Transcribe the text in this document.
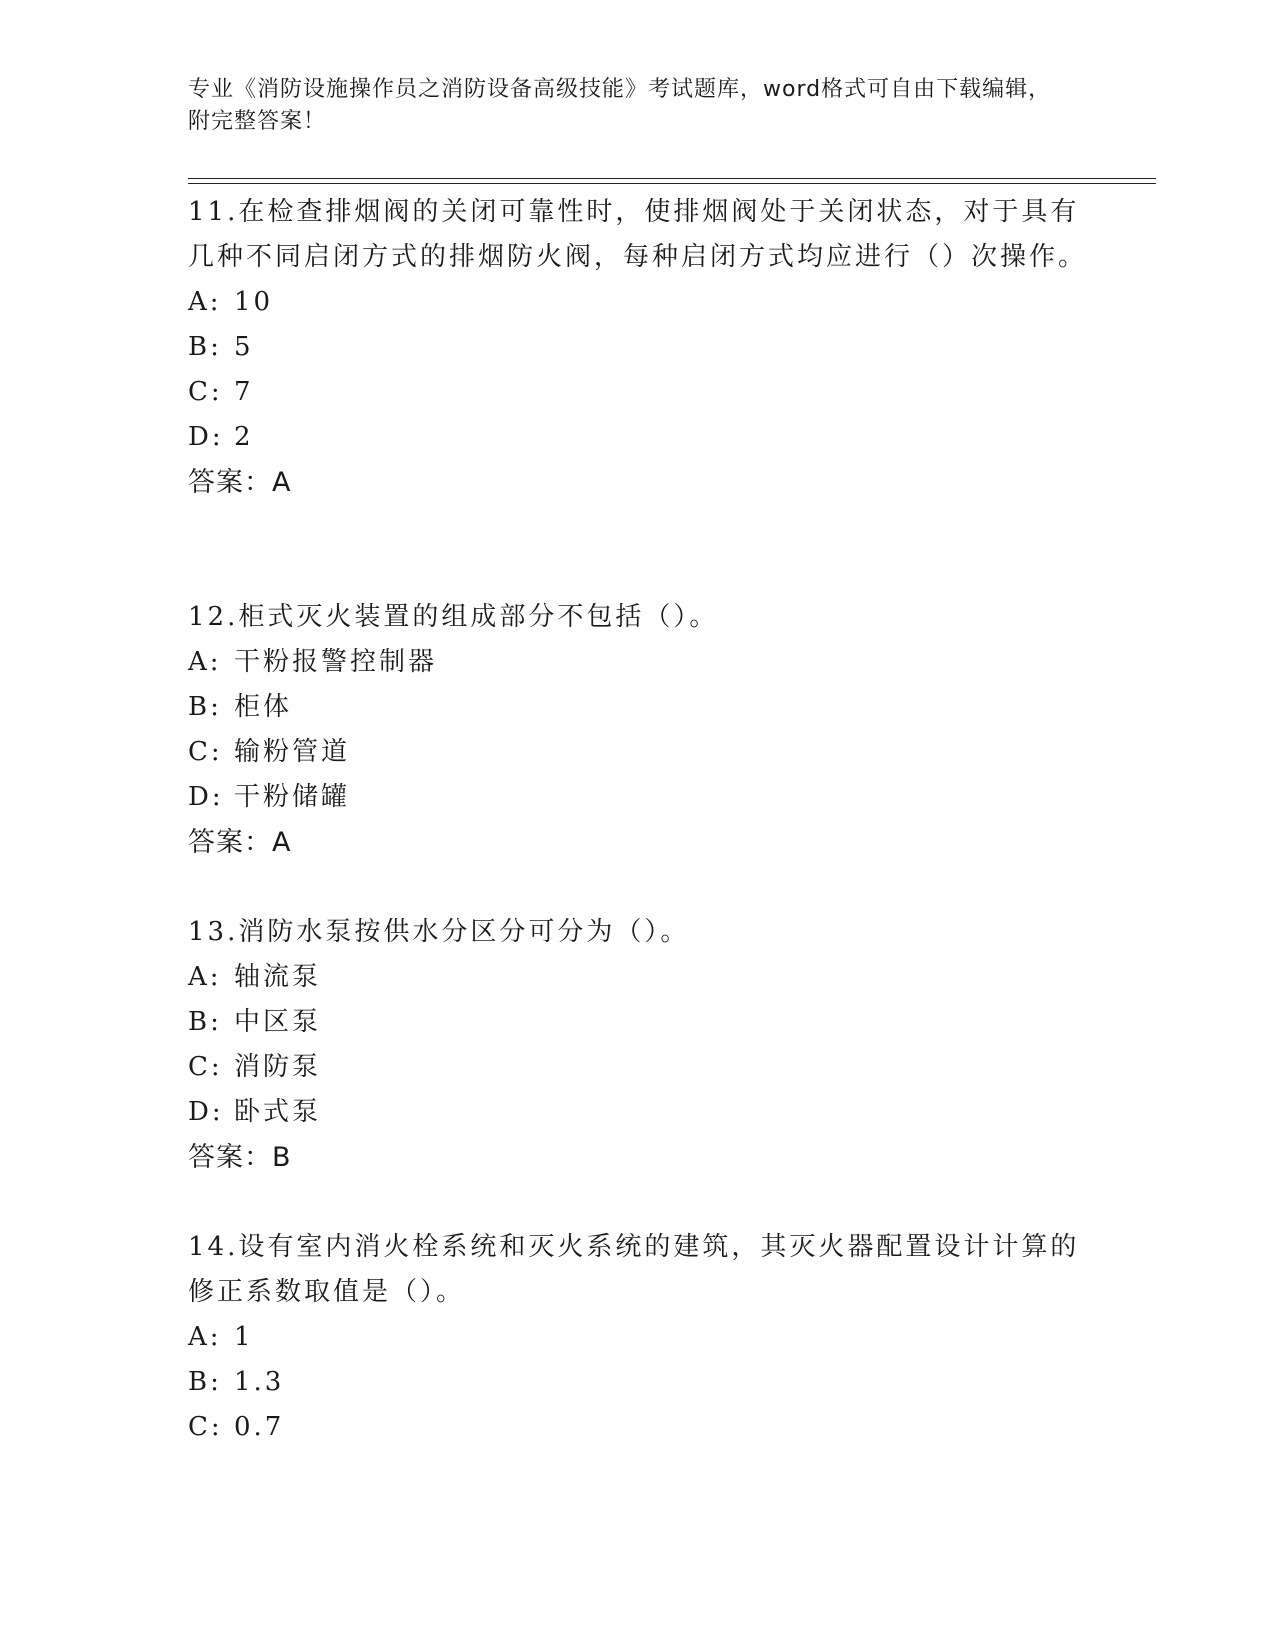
专业《消防设施操作员之消防设备高级技能》考试题库，word格式可自由下载编辑，附完整答案！

11.在检查排烟阀的关闭可靠性时，使排烟阀处于关闭状态，对于具有几种不同启闭方式的排烟防火阀，每种启闭方式均应进行（）次操作。

A: 10
B: 5
C: 7
D: 2
答案：A

12.柜式灭火装置的组成部分不包括（）。

A: 干粉报警控制器
B: 柜体
C: 输粉管道
D: 干粉储罐
答案：A

13.消防水泵按供水分区分可分为（）。

A: 轴流泵
B: 中区泵
C: 消防泵
D: 卧式泵
答案：B

14.设有室内消火栓系统和灭火系统的建筑，其灭火器配置设计计算的修正系数取值是（）。

A: 1
B: 1.3
C: 0.7
